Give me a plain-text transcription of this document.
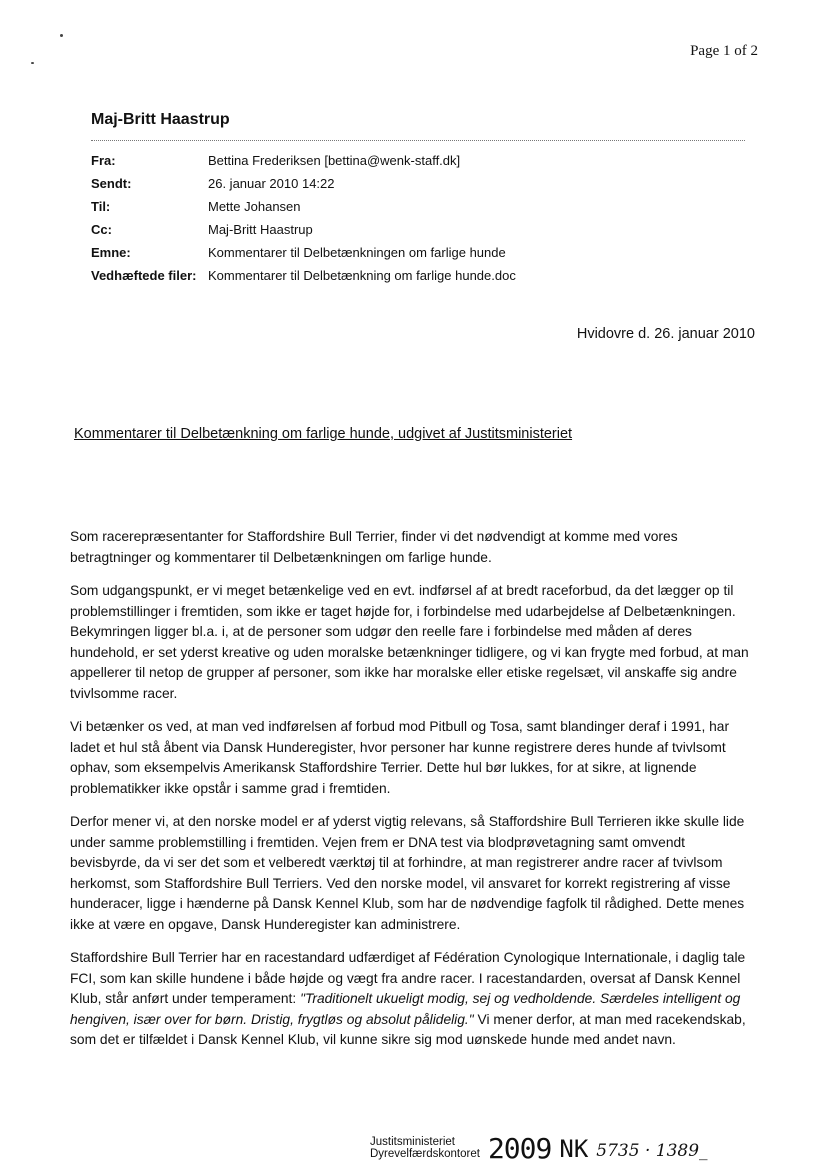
Page 1 of 2
Maj-Britt Haastrup
Fra:	Bettina Frederiksen [bettina@wenk-staff.dk]
Sendt:	26. januar 2010 14:22
Til:	Mette Johansen
Cc:	Maj-Britt Haastrup
Emne:	Kommentarer til Delbetænkningen om farlige hunde
Vedhæftede filer: Kommentarer til Delbetænkning om farlige hunde.doc
Hvidovre d. 26. januar 2010
Kommentarer til Delbetænkning om farlige hunde, udgivet af Justitsministeriet

Som racerepræsentanter for Staffordshire Bull Terrier, finder vi det nødvendigt at komme med vores betragtninger og kommentarer til Delbetænkningen om farlige hunde.

Som udgangspunkt, er vi meget betænkelige ved en evt. indførsel af at bredt raceforbud, da det lægger op til problemstillinger i fremtiden, som ikke er taget højde for, i forbindelse med udarbejdelse af Delbetænkningen. Bekymringen ligger bl.a. i, at de personer som udgør den reelle fare i forbindelse med måden af deres hundehold, er set yderst kreative og uden moralske betænkninger tidligere, og vi kan frygte med forbud, at man appellerer til netop de grupper af personer, som ikke har moralske eller etiske regelsæt, vil anskaffe sig andre tvivlsomme racer.

Vi betænker os ved, at man ved indførelsen af forbud mod Pitbull og Tosa, samt blandinger deraf i 1991, har ladet et hul stå åbent via Dansk Hunderegister, hvor personer har kunne registrere deres hunde af tvivlsomt ophav, som eksempelvis Amerikansk Staffordshire Terrier. Dette hul bør lukkes, for at sikre, at lignende problematikker ikke opstår i samme grad i fremtiden.

Derfor mener vi, at den norske model er af yderst vigtig relevans, så Staffordshire Bull Terrieren ikke skulle lide under samme problemstilling i fremtiden. Vejen frem er DNA test via blodprøvetagning samt omvendt bevisbyrde, da vi ser det som et velberedt værktøj til at forhindre, at man registrerer andre racer af tvivlsom herkomst, som Staffordshire Bull Terriers. Ved den norske model, vil ansvaret for korrekt registrering af visse hunderacer, ligge i hænderne på Dansk Kennel Klub, som har de nødvendige fagfolk til rådighed. Dette menes ikke at være en opgave, Dansk Hunderegister kan administrere.

Staffordshire Bull Terrier har en racestandard udfærdiget af Fédération Cynologique Internationale, i daglig tale FCI, som kan skille hundene i både højde og vægt fra andre racer. I racestandarden, oversat af Dansk Kennel Klub, står anført under temperament: "Traditionelt ukueligt modig, sej og vedholdende. Særdeles intelligent og hengiven, især over for børn. Dristig, frygtløs og absolut pålidelig." Vi mener derfor, at man med racekendskab, som det er tilfældet i Dansk Kennel Klub, vil kunne sikre sig mod uønskede hunde med andet navn.

Justitsministeriet
Dyrevelfærdskontoret 2009 NK 5735 · 1389_
